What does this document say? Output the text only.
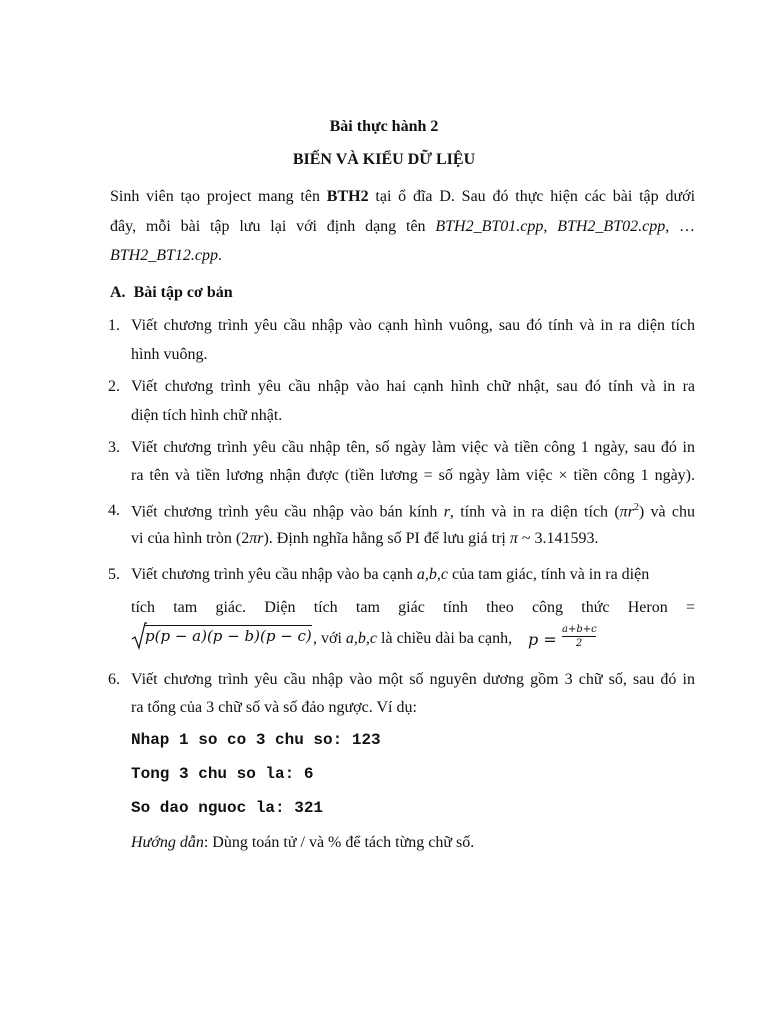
Bài thực hành 2
BIẾN VÀ KIỂU DỮ LIỆU
Sinh viên tạo project mang tên BTH2 tại ổ đĩa D. Sau đó thực hiện các bài tập dưới
đây, mỗi bài tập lưu lại với định dạng tên BTH2_BT01.cpp, BTH2_BT02.cpp, …
BTH2_BT12.cpp.
A. Bài tập cơ bản
1. Viết chương trình yêu cầu nhập vào cạnh hình vuông, sau đó tính và in ra diện tích
hình vuông.
2. Viết chương trình yêu cầu nhập vào hai cạnh hình chữ nhật, sau đó tính và in ra
diện tích hình chữ nhật.
3. Viết chương trình yêu cầu nhập tên, số ngày làm việc và tiền công 1 ngày, sau đó in
ra tên và tiền lương nhận được (tiền lương = số ngày làm việc × tiền công 1 ngày).
4. Viết chương trình yêu cầu nhập vào bán kính r, tính và in ra diện tích $(\pi r^2)$ và chu
vi của hình tròn (2πr). Định nghĩa hằng số PI để lưu giá trị π ~ 3.141593.
5. Viết chương trình yêu cầu nhập vào ba cạnh a,b,c của tam giác, tính và in ra diện
tích tam giác. Diện tích tam giác tính theo công thức Heron =
p(p − a)(p − b)(p − c) , với a,b,c là chiều dài ba cạnh, $p = \frac{a+b+c}{2}$
6. Viết chương trình yêu cầu nhập vào một số nguyên dương gồm 3 chữ số, sau đó in
ra tổng của 3 chữ số và số đảo ngược. Ví dụ:
Nhap 1 so co 3 chu so: 123
Tong 3 chu so la: 6
So dao nguoc la: 321
Hướng dẫn: Dùng toán tử / và % để tách từng chữ số.
